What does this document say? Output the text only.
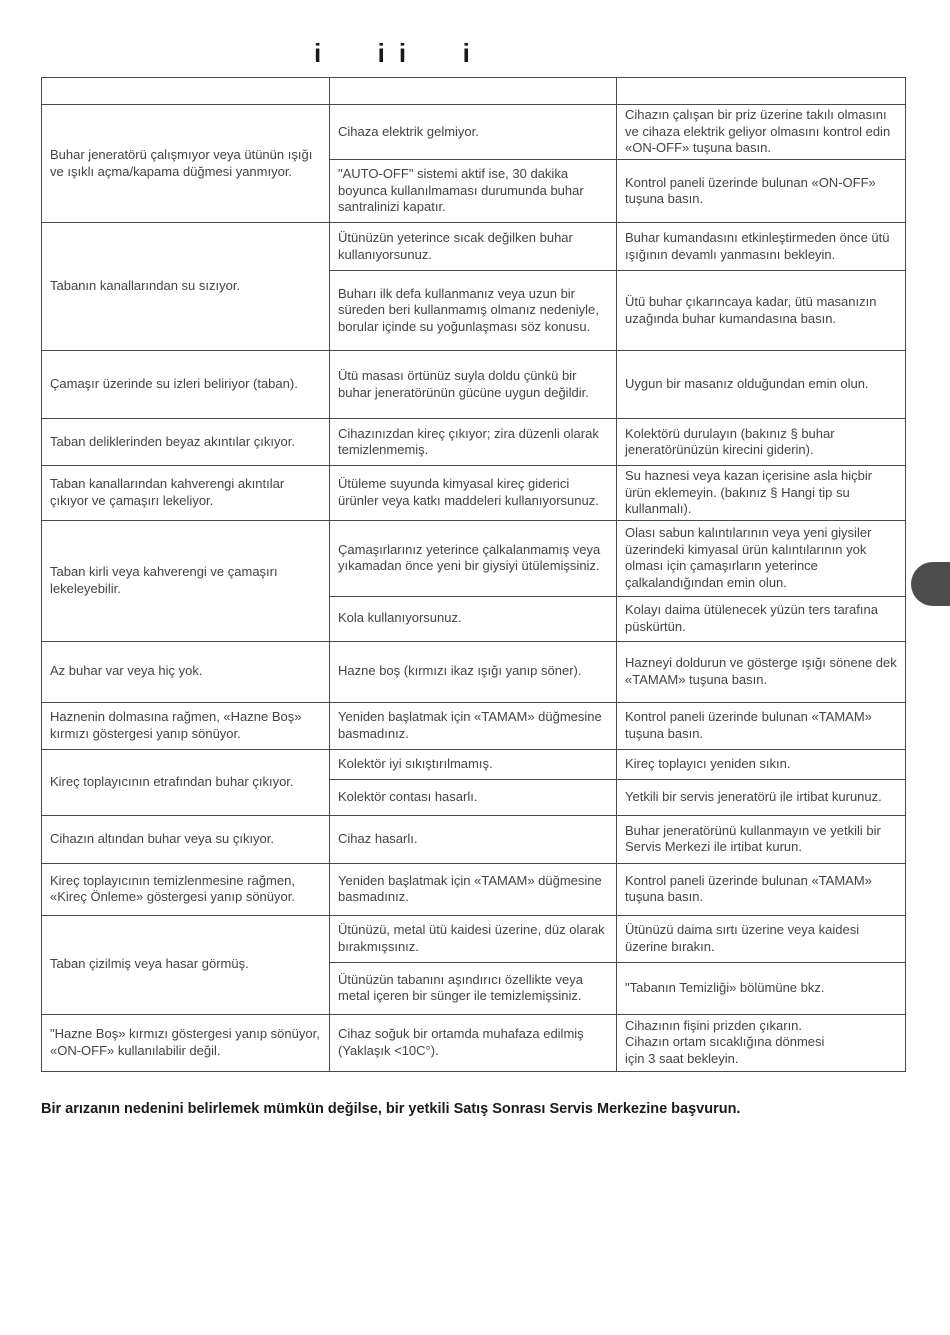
i  ii  i

Buhar jeneratörü çalışmıyor veya ütünün ışığı ve ışıklı açma/kapama düğmesi yanmıyor.	Cihaza elektrik gelmiyor.	Cihazın çalışan bir priz üzerine takılı olmasını ve cihaza elektrik geliyor olmasını kontrol edin «ON-OFF» tuşuna basın.
	"AUTO-OFF" sistemi aktif ise, 30 dakika boyunca kullanılmaması durumunda buhar santralinizi kapatır.	Kontrol paneli üzerinde bulunan «ON-OFF» tuşuna basın.
Tabanın kanallarından su sızıyor.	Ütünüzün yeterince sıcak değilken buhar kullanıyorsunuz.	Buhar kumandasını etkinleştirmeden önce ütü ışığının devamlı yanmasını bekleyin.
	Buharı ilk defa kullanmanız veya uzun bir süreden beri kullanmamış olmanız nedeniyle, borular içinde su yoğunlaşması söz konusu.	Ütü buhar çıkarıncaya kadar, ütü masanızın uzağında buhar kumandasına basın.
Çamaşır üzerinde su izleri beliriyor (taban).	Ütü masası örtünüz suyla doldu çünkü bir buhar jeneratörünün gücüne uygun değildir.	Uygun bir masanız olduğundan emin olun.
Taban deliklerinden beyaz akıntılar çıkıyor.	Cihazınızdan kireç çıkıyor; zira düzenli olarak temizlenmemiş.	Kolektörü durulayın (bakınız § buhar jeneratörünüzün kirecini giderin).
Taban kanallarından kahverengi akıntılar çıkıyor ve çamaşırı lekeliyor.	Ütüleme suyunda kimyasal kireç giderici ürünler veya katkı maddeleri kullanıyorsunuz.	Su haznesi veya kazan içerisine asla hiçbir ürün eklemeyin. (bakınız § Hangi tip su kullanmalı).
Taban kirli veya kahverengi ve çamaşırı lekeleyebilir.	Çamaşırlarınız yeterince çalkalanmamış veya yıkamadan önce yeni bir giysiyi ütülemişsiniz.	Olası sabun kalıntılarının veya yeni giysiler üzerindeki kimyasal ürün kalıntılarının yok olması için çamaşırların yeterince çalkalandığından emin olun.
	Kola kullanıyorsunuz.	Kolayı daima ütülenecek yüzün ters tarafına püskürtün.
Az buhar var veya hiç yok.	Hazne boş (kırmızı ikaz ışığı yanıp söner).	Hazneyi doldurun ve gösterge ışığı sönene dek «TAMAM» tuşuna basın.
Haznenin dolmasına rağmen, «Hazne Boş» kırmızı göstergesi yanıp sönüyor.	Yeniden başlatmak için «TAMAM» düğmesine basmadınız.	Kontrol paneli üzerinde bulunan «TAMAM» tuşuna basın.
Kireç toplayıcının etrafından buhar çıkıyor.	Kolektör iyi sıkıştırılmamış.	Kireç toplayıcı yeniden sıkın.
	Kolektör contası hasarlı.	Yetkili bir servis jeneratörü ile irtibat kurunuz.
Cihazın altından buhar veya su çıkıyor.	Cihaz hasarlı.	Buhar jeneratörünü kullanmayın ve yetkili bir Servis Merkezi ile irtibat kurun.
Kireç toplayıcının temizlenmesine rağmen, «Kireç Önleme» göstergesi yanıp sönüyor.	Yeniden başlatmak için «TAMAM» düğmesine basmadınız.	Kontrol paneli üzerinde bulunan «TAMAM» tuşuna basın.
Taban çizilmiş veya hasar görmüş.	Ütünüzü, metal ütü kaidesi üzerine, düz olarak bırakmışsınız.	Ütünüzü daima sırtı üzerine veya kaidesi üzerine bırakın.
	Ütünüzün tabanını aşındırıcı özellikte veya metal içeren bir sünger ile temizlemişsiniz.	"Tabanın Temizliği» bölümüne bkz.
"Hazne Boş» kırmızı göstergesi yanıp sönüyor, «ON-OFF» kullanılabilir değil.	Cihaz soğuk bir ortamda muhafaza edilmiş (Yaklaşık <10C°).	Cihazının fişini prizden çıkarın.
Cihazın ortam sıcaklığına dönmesi
için 3 saat bekleyin.
Bir arızanın nedenini belirlemek mümkün değilse, bir yetkili Satış Sonrası Servis Merkezine başvurun.
